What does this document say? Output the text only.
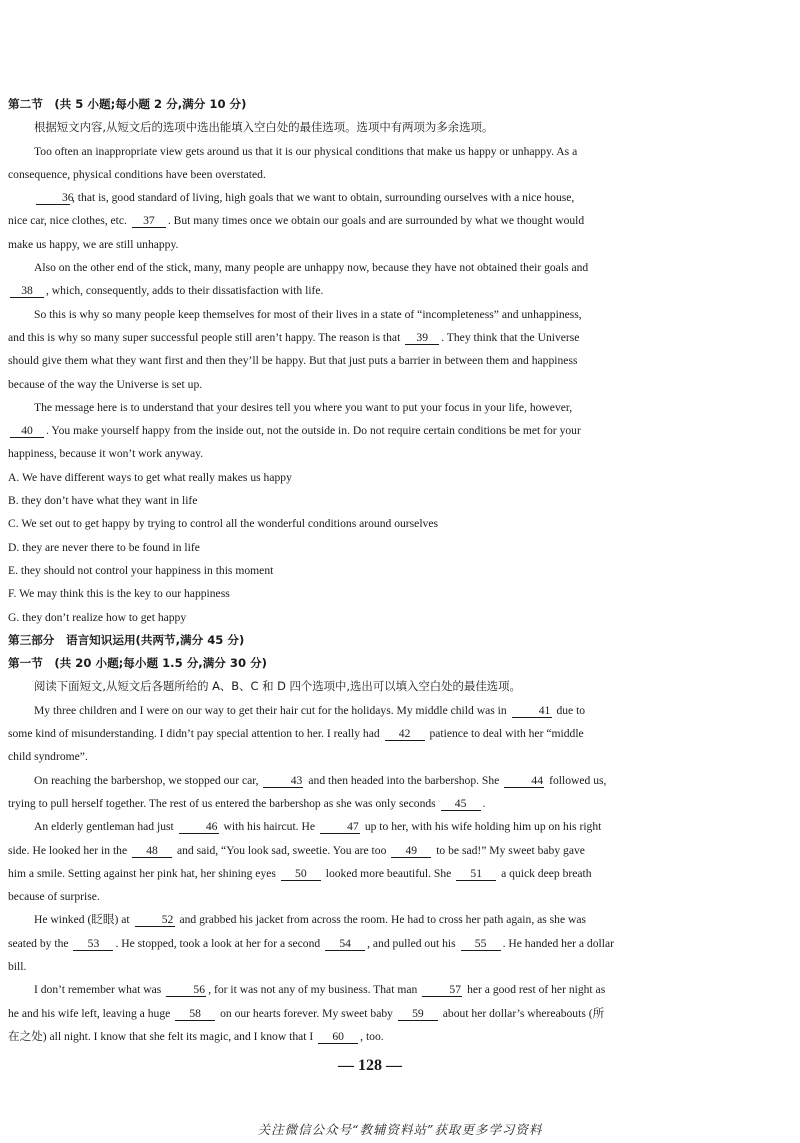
第二节　(共 5 小题;每小题 2 分,满分 10 分)
根据短文内容,从短文后的选项中选出能填入空白处的最佳选项。选项中有两项为多余选项。
Too often an inappropriate view gets around us that it is our physical conditions that make us happy or unhappy. As a
consequence, physical conditions have been overstated.
36, that is, good standard of living, high goals that we want to obtain, surrounding ourselves with a nice house,
nice car, nice clothes, etc. 37 . But many times once we obtain our goals and are surrounded by what we thought would
make us happy, we are still unhappy.
Also on the other end of the stick, many, many people are unhappy now, because they have not obtained their goals and
38 , which, consequently, adds to their dissatisfaction with life.
So this is why so many people keep themselves for most of their lives in a state of “incompleteness” and unhappiness,
and this is why so many super successful people still aren’t happy. The reason is that 39 . They think that the Universe
should give them what they want first and then they’ll be happy. But that just puts a barrier in between them and happiness
because of the way the Universe is set up.
The message here is to understand that your desires tell you where you want to put your focus in your life, however,
40 . You make yourself happy from the inside out, not the outside in. Do not require certain conditions be met for your
happiness, because it won’t work anyway.
A. We have different ways to get what really makes us happy
B. they don’t have what they want in life
C. We set out to get happy by trying to control all the wonderful conditions around ourselves
D. they are never there to be found in life
E. they should not control your happiness in this moment
F. We may think this is the key to our happiness
G. they don’t realize how to get happy
第三部分　语言知识运用(共两节,满分 45 分)
第一节　(共 20 小题;每小题 1.5 分,满分 30 分)
阅读下面短文,从短文后各题所给的 A、B、C 和 D 四个选项中,选出可以填入空白处的最佳选项。
My three children and I were on our way to get their hair cut for the holidays. My middle child was in	41 due to
some kind of misunderstanding. I didn’t pay special attention to her. I really had 42 patience to deal with her “middle
child syndrome”.
On reaching the barbershop, we stopped our car,	43 and then headed into the barbershop. She	44 followed us,
trying to pull herself together. The rest of us entered the barbershop as she was only seconds 45 .
An elderly gentleman had just	46 with his haircut. He	47 up to her, with his wife holding him up on his right
side. He looked her in the 48 and said, “You look sad, sweetie. You are too 49 to be sad!” My sweet baby gave
him a smile. Setting against her pink hat, her shining eyes 50 looked more beautiful. She 51 a quick deep breath
because of surprise.
He winked (眨眼) at	52 and grabbed his jacket from across the room. He had to cross her path again, as she was
seated by the 53 . He stopped, took a look at her for a second 54 , and pulled out his 55 . He handed her a dollar
bill.
I don’t remember what was	56 , for it was not any of my business. That man	57 her a good rest of her night as
he and his wife left, leaving a huge 58 on our hearts forever. My sweet baby 59 about her dollar’s whereabouts (所
在之处) all night. I know that she felt its magic, and I know that I 60 , too.
— 128 —
关注微信公众号“教辅资料站”获取更多学习资料
